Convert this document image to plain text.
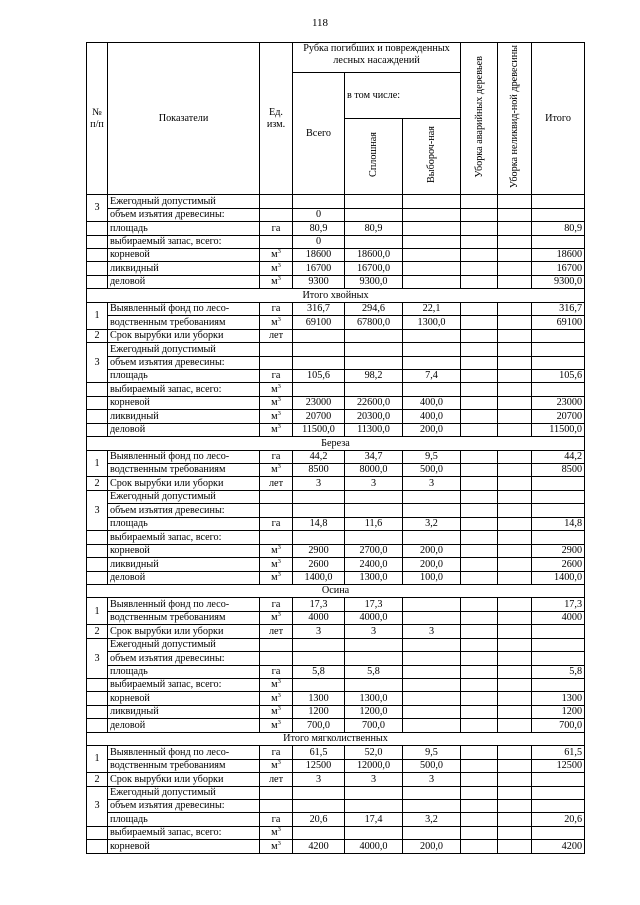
118
№ п/п	Показатели	Ед. изм.	Рубка погибших и поврежденных лесных насаждений			Уборка аварийных деревьев	Уборка неликвид-ной древесины	Итого
			Всего	в том числе:				
				Сплошная	Выбороч-ная			
3	Ежегодный допустимый							
	объем изъятия древесины:		0					
	площадь	га	80,9	80,9				80,9
	выбираемый запас, всего:		0					
	корневой	$м^3$	18600	18600,0				18600
	ликвидный	$м^3$	16700	16700,0				16700
	деловой	$м^3$	9300	9300,0				9300,0
Итого хвойных								
1	Выявленный фонд по лесо-	га	316,7	294,6	22,1			316,7
	водственным требованиям	$м^3$	69100	67800,0	1300,0			69100
2	Срок вырубки или уборки	лет						
3	Ежегодный допустимый							
	объем изъятия древесины:							
	площадь	га	105,6	98,2	7,4			105,6
	выбираемый запас, всего:	$м^3$						
	корневой	$м^3$	23000	22600,0	400,0			23000
	ликвидный	$м^3$	20700	20300,0	400,0			20700
	деловой	$м^3$	11500,0	11300,0	200,0			11500,0
Береза								
1	Выявленный фонд по лесо-	га	44,2	34,7	9,5			44,2
	водственным требованиям	$м^3$	8500	8000,0	500,0			8500
2	Срок вырубки или уборки	лет	3	3	3			
3	Ежегодный допустимый							
	объем изъятия древесины:							
	площадь	га	14,8	11,6	3,2			14,8
	выбираемый запас, всего:							
	корневой	$м^3$	2900	2700,0	200,0			2900
	ликвидный	$м^3$	2600	2400,0	200,0			2600
	деловой	$м^3$	1400,0	1300,0	100,0			1400,0
Осина								
1	Выявленный фонд по лесо-	га	17,3	17,3				17,3
	водственным требованиям	$м^3$	4000	4000,0				4000
2	Срок вырубки или уборки	лет	3	3	3			
3	Ежегодный допустимый							
	объем изъятия древесины:							
	площадь	га	5,8	5,8				5,8
	выбираемый запас, всего:	$м^3$						
	корневой	$м^3$	1300	1300,0				1300
	ликвидный	$м^3$	1200	1200,0				1200
	деловой	$м^3$	700,0	700,0				700,0
Итого мягколиственных								
1	Выявленный фонд по лесо-	га	61,5	52,0	9,5			61,5
	водственным требованиям	$м^3$	12500	12000,0	500,0			12500
2	Срок вырубки или уборки	лет	3	3	3			
3	Ежегодный допустимый							
	объем изъятия древесины:							
	площадь	га	20,6	17,4	3,2			20,6
	выбираемый запас, всего:	$м^3$						
	корневой	$м^3$	4200	4000,0	200,0			4200
